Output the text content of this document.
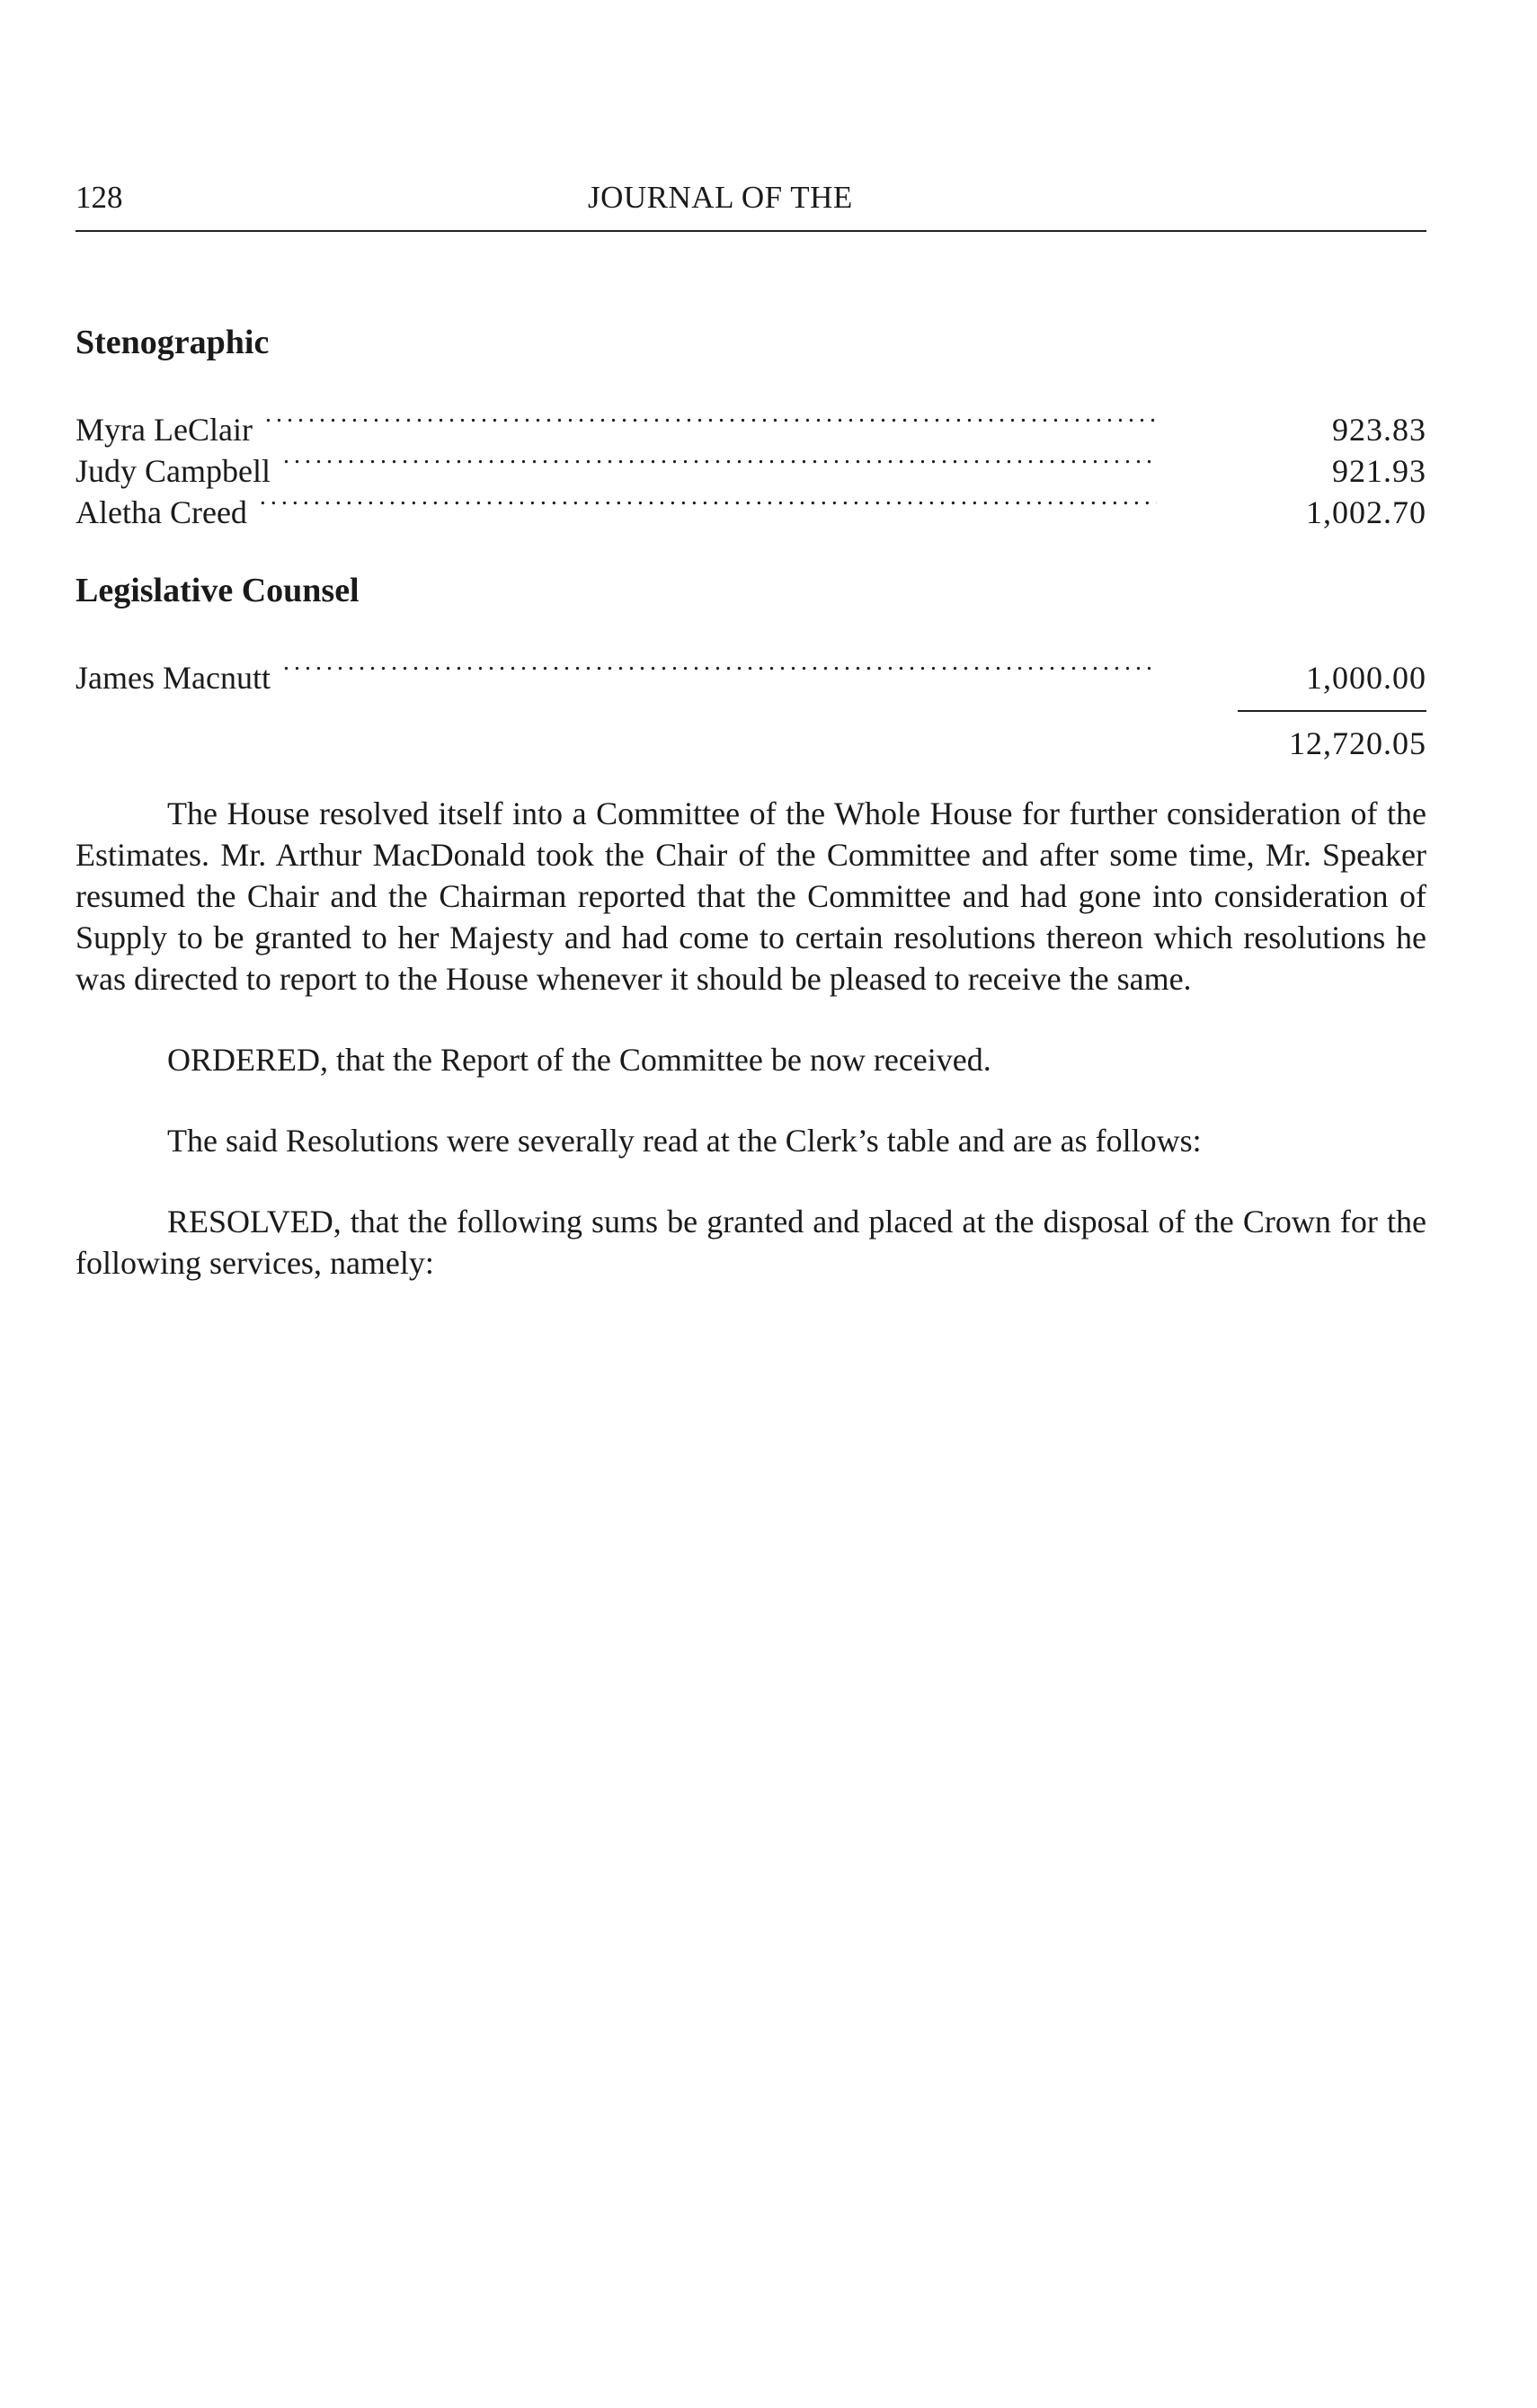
128	JOURNAL OF THE
Stenographic
Myra LeClair . . .	923.83
Judy Campbell . . .	921.93
Aletha Creed . . .	1,002.70
Legislative Counsel
James Macnutt . . .	1,000.00
12,720.05

The House resolved itself into a Committee of the Whole House for further consideration of the Estimates. Mr. Arthur MacDonald took the Chair of the Committee and after some time, Mr. Speaker resumed the Chair and the Chairman reported that the Committee and had gone into consideration of Supply to be granted to her Majesty and had come to certain resolutions thereon which resolutions he was directed to report to the House whenever it should be pleased to receive the same.

ORDERED, that the Report of the Committee be now received.

The said Resolutions were severally read at the Clerk’s table and are as follows:

RESOLVED, that the following sums be granted and placed at the disposal of the Crown for the following services, namely:
